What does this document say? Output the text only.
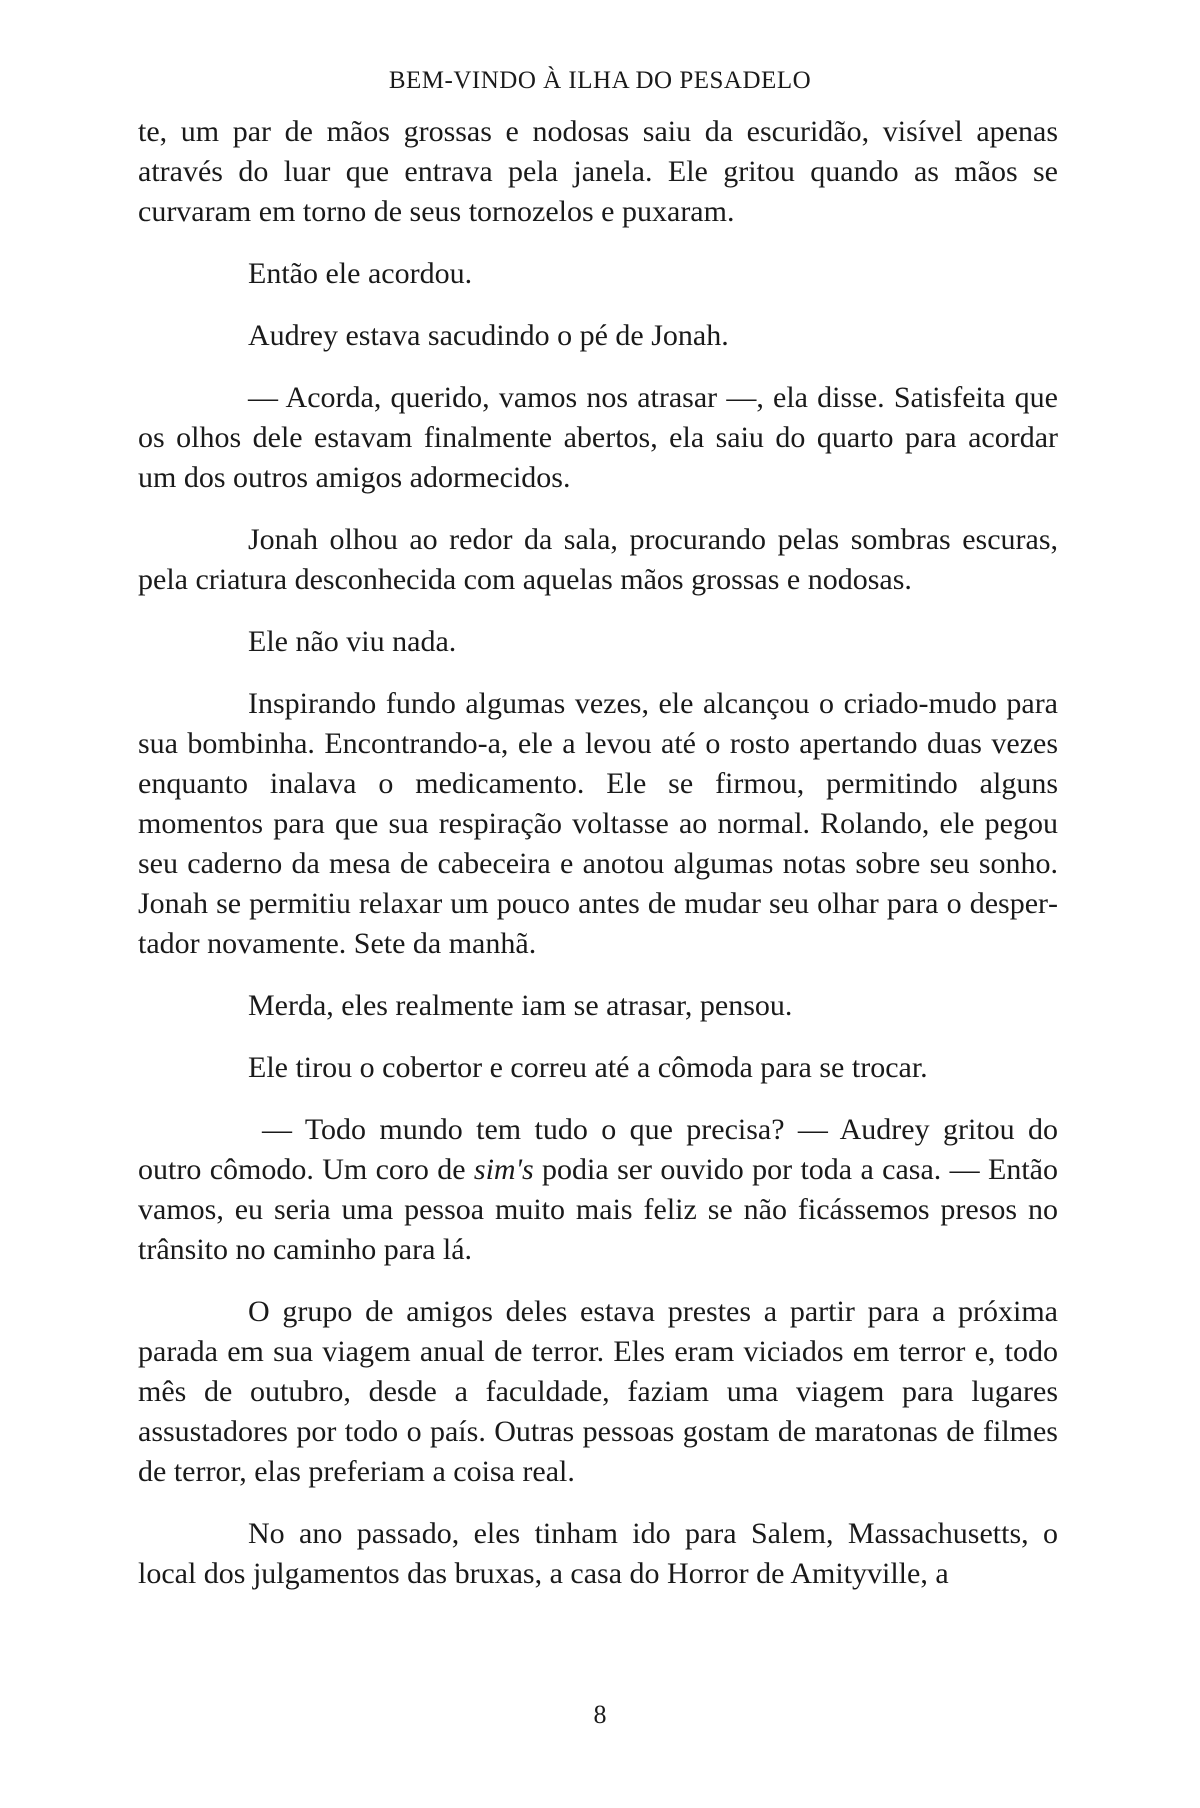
BEM-VINDO À ILHA DO PESADELO

te, um par de mãos grossas e nodosas saiu da escuridão, visível apenas através do luar que entrava pela janela. Ele gritou quando as mãos se curvaram em torno de seus tornozelos e puxaram.

Então ele acordou.

Audrey estava sacudindo o pé de Jonah.

— Acorda, querido, vamos nos atrasar —, ela disse. Satisfeita que os olhos dele estavam finalmente abertos, ela saiu do quarto para acordar um dos outros amigos adormecidos.

Jonah olhou ao redor da sala, procurando pelas sombras escuras, pela criatura desconhecida com aquelas mãos grossas e nodosas.

Ele não viu nada.

Inspirando fundo algumas vezes, ele alcançou o criado-mudo para sua bombinha. Encontrando-a, ele a levou até o rosto apertando duas vezes enquanto inalava o medicamento. Ele se firmou, permitindo alguns momentos para que sua respiração voltasse ao normal. Rolando, ele pegou seu caderno da mesa de cabeceira e anotou algumas notas sobre seu sonho. Jonah se permitiu relaxar um pouco antes de mudar seu olhar para o despertador novamente. Sete da manhã.

Merda, eles realmente iam se atrasar, pensou.

Ele tirou o cobertor e correu até a cômoda para se trocar.

— Todo mundo tem tudo o que precisa? — Audrey gritou do outro cômodo. Um coro de sim's podia ser ouvido por toda a casa. — Então vamos, eu seria uma pessoa muito mais feliz se não ficássemos presos no trânsito no caminho para lá.

O grupo de amigos deles estava prestes a partir para a próxima parada em sua viagem anual de terror. Eles eram viciados em terror e, todo mês de outubro, desde a faculdade, faziam uma viagem para lugares assustadores por todo o país. Outras pessoas gostam de maratonas de filmes de terror, elas preferiam a coisa real.

No ano passado, eles tinham ido para Salem, Massachusetts, o local dos julgamentos das bruxas, a casa do Horror de Amityville, a

8
